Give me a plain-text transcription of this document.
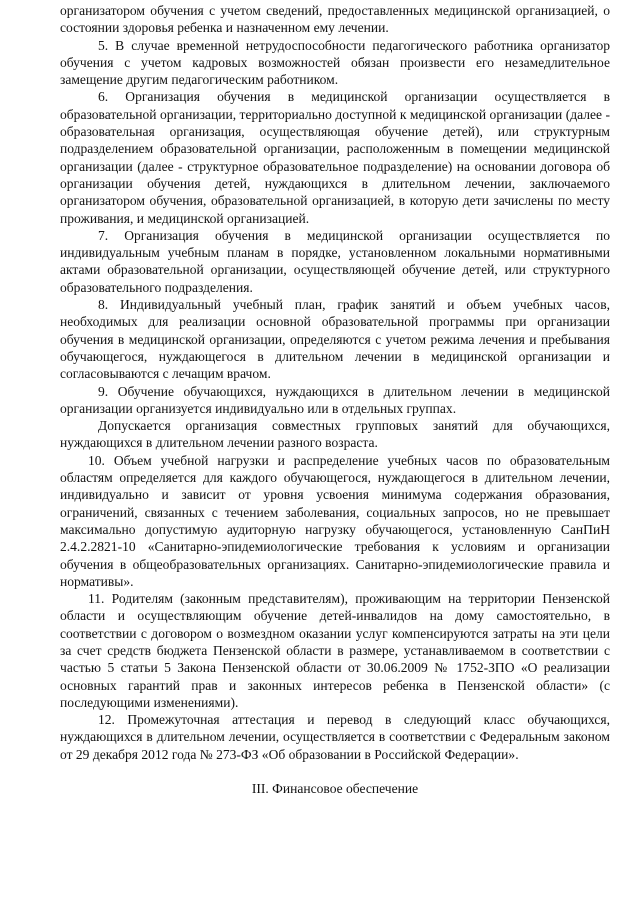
организатором обучения с учетом сведений, предоставленных медицинской организацией, о состоянии здоровья ребенка и назначенном ему лечении.

5. В случае временной нетрудоспособности педагогического работника организатор обучения с учетом кадровых возможностей обязан произвести его незамедлительное замещение другим педагогическим работником.

6. Организация обучения в медицинской организации осуществляется в образовательной организации, территориально доступной к медицинской организации (далее - образовательная организация, осуществляющая обучение детей), или структурным подразделением образовательной организации, расположенным в помещении медицинской организации (далее - структурное образовательное подразделение) на основании договора об организации обучения детей, нуждающихся в длительном лечении, заключаемого организатором обучения, образовательной организацией, в которую дети зачислены по месту проживания, и медицинской организацией.

7. Организация обучения в медицинской организации осуществляется по индивидуальным учебным планам в порядке, установленном локальными нормативными актами образовательной организации, осуществляющей обучение детей, или структурного образовательного подразделения.

8. Индивидуальный учебный план, график занятий и объем учебных часов, необходимых для реализации основной образовательной программы при организации обучения в медицинской организации, определяются с учетом режима лечения и пребывания обучающегося, нуждающегося в длительном лечении в медицинской организации и согласовываются с лечащим врачом.

9. Обучение обучающихся, нуждающихся в длительном лечении в медицинской организации организуется индивидуально или в отдельных группах.

Допускается организация совместных групповых занятий для обучающихся, нуждающихся в длительном лечении разного возраста.

10. Объем учебной нагрузки и распределение учебных часов по образовательным областям определяется для каждого обучающегося, нуждающегося в длительном лечении, индивидуально и зависит от уровня усвоения минимума содержания образования, ограничений, связанных с течением заболевания, социальных запросов, но не превышает максимально допустимую аудиторную нагрузку обучающегося, установленную СанПиН 2.4.2.2821-10 «Санитарно-эпидемиологические требования к условиям и организации обучения в общеобразовательных организациях. Санитарно-эпидемиологические правила и нормативы».

11. Родителям (законным представителям), проживающим на территории Пензенской области и осуществляющим обучение детей-инвалидов на дому самостоятельно, в соответствии с договором о возмездном оказании услуг компенсируются затраты на эти цели за счет средств бюджета Пензенской области в размере, устанавливаемом в соответствии с частью 5 статьи 5 Закона Пензенской области от 30.06.2009 № 1752-ЗПО «О реализации основных гарантий прав и законных интересов ребенка в Пензенской области» (с последующими изменениями).

12. Промежуточная аттестация и перевод в следующий класс обучающихся, нуждающихся в длительном лечении, осуществляется в соответствии с Федеральным законом от 29 декабря 2012 года № 273-ФЗ «Об образовании в Российской Федерации».

III. Финансовое обеспечение
